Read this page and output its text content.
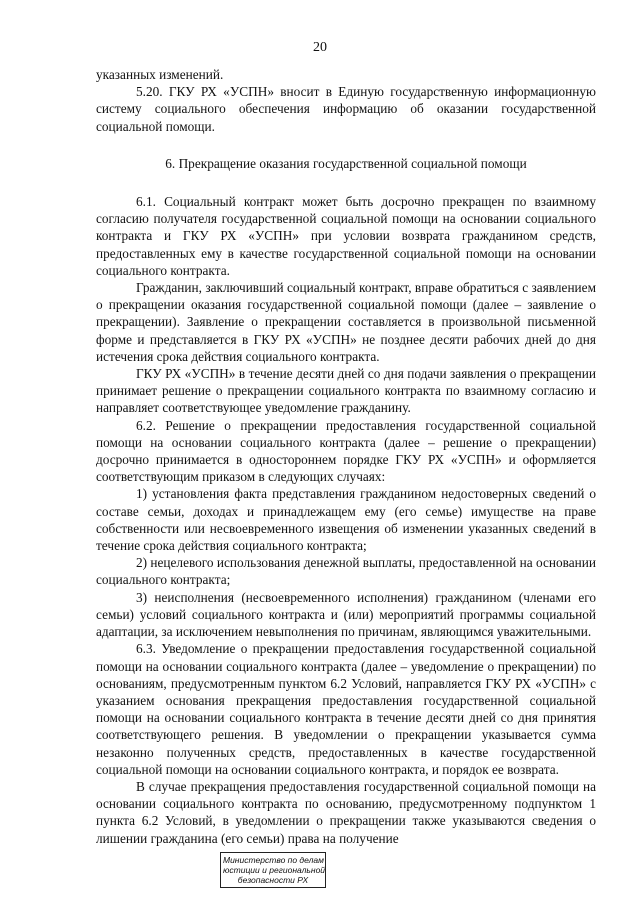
20

указанных изменений.

5.20. ГКУ РХ «УСПН» вносит в Единую государственную информационную систему социального обеспечения информацию об оказании государственной социальной помощи.

6. Прекращение оказания государственной социальной помощи

6.1. Социальный контракт может быть досрочно прекращен по взаимному согласию получателя государственной социальной помощи на основании социального контракта и ГКУ РХ «УСПН» при условии возврата гражданином средств, предоставленных ему в качестве государственной социальной помощи на основании социального контракта.

Гражданин, заключивший социальный контракт, вправе обратиться с заявлением о прекращении оказания государственной социальной помощи (далее – заявление о прекращении). Заявление о прекращении составляется в произвольной письменной форме и представляется в ГКУ РХ «УСПН» не позднее десяти рабочих дней до дня истечения срока действия социального контракта.

ГКУ РХ «УСПН» в течение десяти дней со дня подачи заявления о прекращении принимает решение о прекращении социального контракта по взаимному согласию и направляет соответствующее уведомление гражданину.

6.2. Решение о прекращении предоставления государственной социальной помощи на основании социального контракта (далее – решение о прекращении) досрочно принимается в одностороннем порядке ГКУ РХ «УСПН» и оформляется соответствующим приказом в следующих случаях:

1) установления факта представления гражданином недостоверных сведений о составе семьи, доходах и принадлежащем ему (его семье) имуществе на праве собственности или несвоевременного извещения об изменении указанных сведений в течение срока действия социального контракта;

2) нецелевого использования денежной выплаты, предоставленной на основании социального контракта;

3) неисполнения (несвоевременного исполнения) гражданином (членами его семьи) условий социального контракта и (или) мероприятий программы социальной адаптации, за исключением невыполнения по причинам, являющимся уважительными.

6.3. Уведомление о прекращении предоставления государственной социальной помощи на основании социального контракта (далее – уведомление о прекращении) по основаниям, предусмотренным пунктом 6.2 Условий, направляется ГКУ РХ «УСПН» с указанием основания прекращения предоставления государственной социальной помощи на основании социального контракта в течение десяти дней со дня принятия соответствующего решения. В уведомлении о прекращении указывается сумма незаконно полученных средств, предоставленных в качестве государственной социальной помощи на основании социального контракта, и порядок ее возврата.

В случае прекращения предоставления государственной социальной помощи на основании социального контракта по основанию, предусмотренному подпунктом 1 пункта 6.2 Условий, в уведомлении о прекращении также указываются сведения о лишении гражданина (его семьи) права на получение

Министерство по делам
юстиции и региональной
безопасности РХ
